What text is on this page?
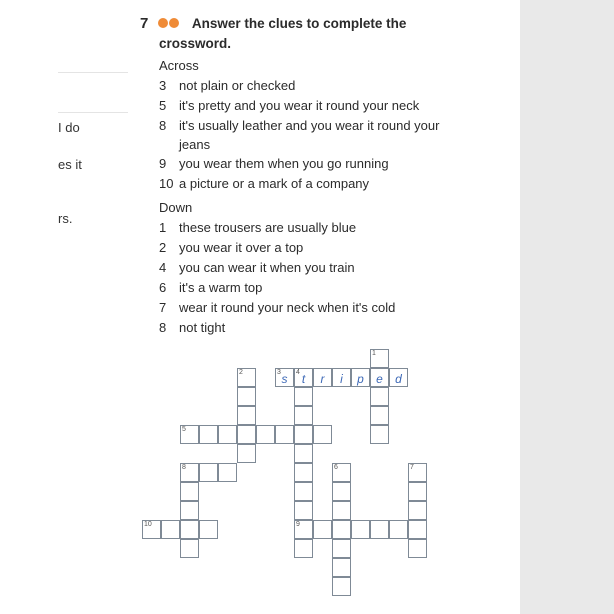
I do
es it
rs.
7	Answer the clues to complete the
crossword.
Across
3 not plain or checked
5 it's pretty and you wear it round your neck
8 it's usually leather and you wear it round your jeans
9 you wear them when you go running
10 a picture or a mark of a company
Down
1 these trousers are usually blue
2 you wear it over a top
4 you can wear it when you train
6 it's a warm top
7 wear it round your neck when it's cold
8 not tight
3 s	4 t	r	i	p	e	d
5
8
10	9
2
1
6	7
